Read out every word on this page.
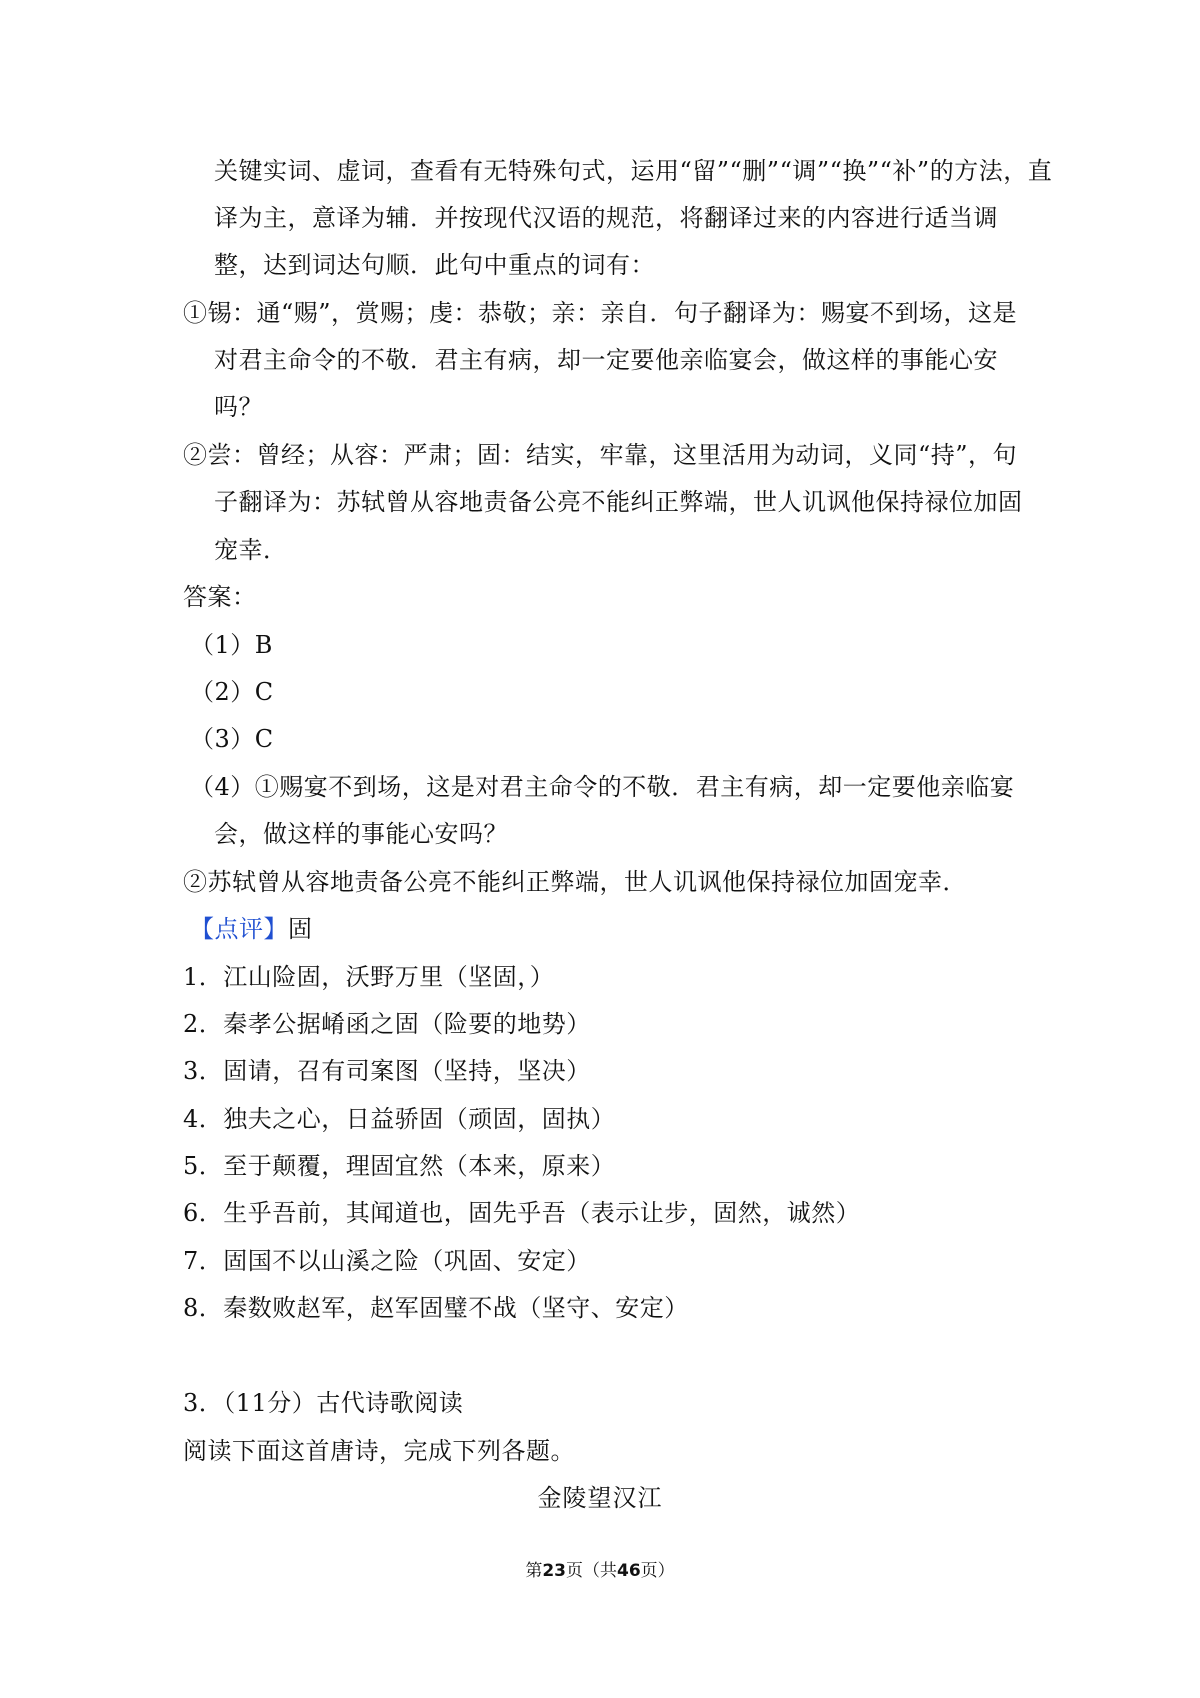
关键实词、虚词，查看有无特殊句式，运用“留”“删”“调”“换”“补”的方法，直
译为主，意译为辅．并按现代汉语的规范，将翻译过来的内容进行适当调
整，达到词达句顺．此句中重点的词有：
①锡：通“赐”，赏赐；虔：恭敬；亲：亲自．句子翻译为：赐宴不到场，这是
对君主命令的不敬．君主有病，却一定要他亲临宴会，做这样的事能心安
吗？
②尝：曾经；从容：严肃；固：结实，牢靠，这里活用为动词，义同“持”，句
子翻译为：苏轼曾从容地责备公亮不能纠正弊端，世人讥讽他保持禄位加固
宠幸．
答案：
（1）B
（2）C
（3）C
（4）①赐宴不到场，这是对君主命令的不敬．君主有病，却一定要他亲临宴
会，做这样的事能心安吗？
②苏轼曾从容地责备公亮不能纠正弊端，世人讥讽他保持禄位加固宠幸．
【点评】固
1．江山险固，沃野万里（坚固，）
2．秦孝公据崤函之固（险要的地势）
3．固请，召有司案图（坚持，坚决）
4．独夫之心，日益骄固（顽固，固执）
5．至于颠覆，理固宜然（本来，原来）
6．生乎吾前，其闻道也，固先乎吾（表示让步，固然，诚然）
7．固国不以山溪之险（巩固、安定）
8．秦数败赵军，赵军固璧不战（坚守、安定）
3．（11分）古代诗歌阅读
阅读下面这首唐诗，完成下列各题。
金陵望汉江
第23页（共46页）
